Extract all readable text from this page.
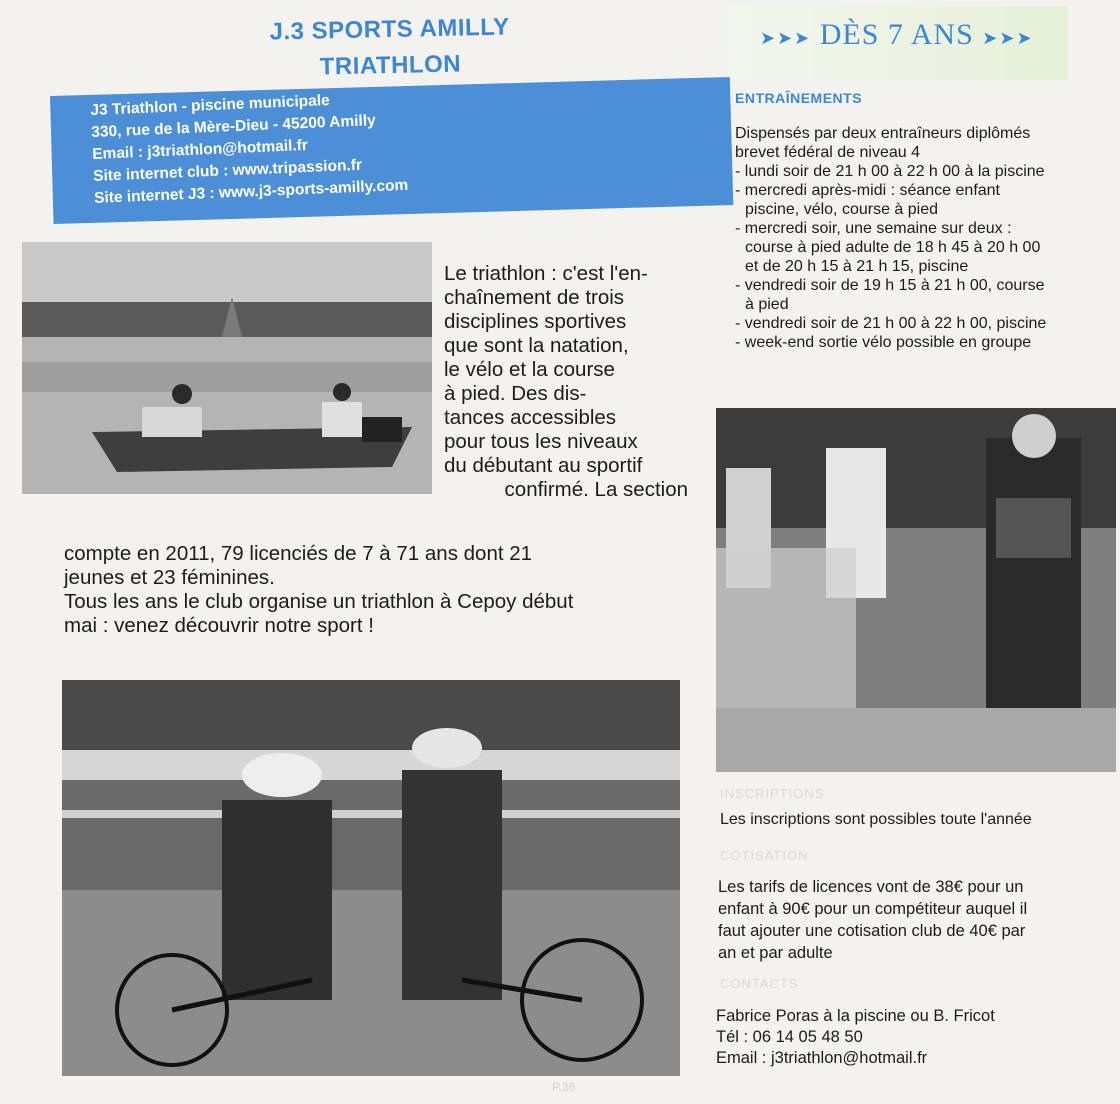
J.3 SPORTS AMILLY
TRIATHLON
➤➤➤ DÈS 7 ANS ➤➤➤
J3 Triathlon - piscine municipale
330, rue de la Mère-Dieu - 45200 Amilly
Email : j3triathlon@hotmail.fr
Site internet club : www.tripassion.fr
Site internet J3 : www.j3-sports-amilly.com
Le triathlon : c'est l'en-
chaînement de trois
disciplines sportives
que sont la natation,
le vélo et la course
à pied. Des dis-
tances accessibles
pour tous les niveaux
du débutant au sportif
confirmé. La section
compte en 2011, 79 licenciés de 7 à 71 ans dont 21
jeunes et 23 féminines.
Tous les ans le club organise un triathlon à Cepoy début
mai : venez découvrir notre sport !
ENTRAÎNEMENTS
Dispensés par deux entraîneurs diplômés
brevet fédéral de niveau 4
- lundi soir de 21 h 00 à 22 h 00 à la piscine
- mercredi après-midi : séance enfant
piscine, vélo, course à pied
- mercredi soir, une semaine sur deux :
course à pied adulte de 18 h 45 à 20 h 00
et de 20 h 15 à 21 h 15, piscine
- vendredi soir de 19 h 15 à 21 h 00, course
à pied
- vendredi soir de 21 h 00 à 22 h 00, piscine
- week-end sortie vélo possible en groupe
INSCRIPTIONS
Les inscriptions sont possibles toute l'année
COTISATION
Les tarifs de licences vont de 38€ pour un
enfant à 90€ pour un compétiteur auquel il
faut ajouter une cotisation club de 40€ par
an et par adulte
CONTACTS
Fabrice Poras à la piscine ou B. Fricot
Tél : 06 14 05 48 50
Email : j3triathlon@hotmail.fr
P.36
